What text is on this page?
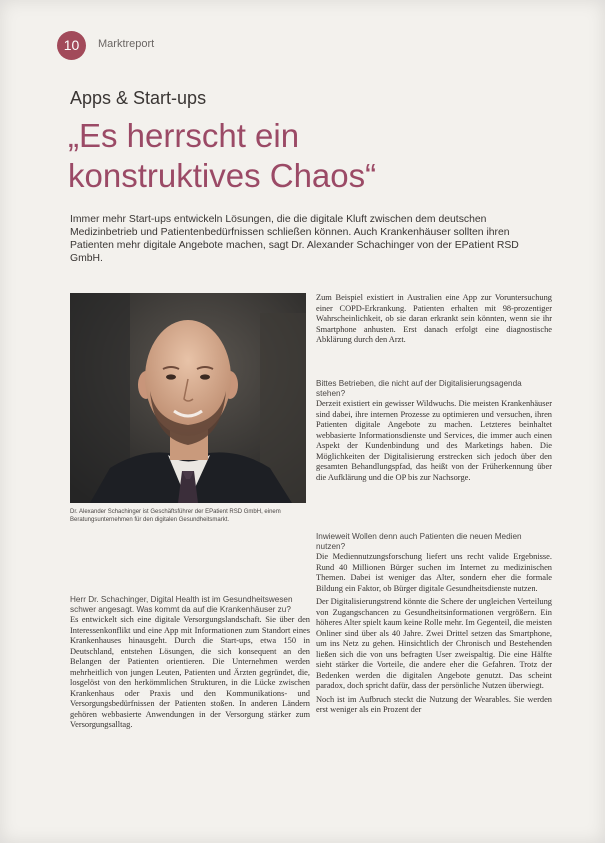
10	Marktreport
Apps & Start-ups
„Es herrscht ein konstruktives Chaos“

Immer mehr Start-ups entwickeln Lösungen, die die digitale Kluft zwischen dem deutschen Medizinbetrieb und Patientenbedürfnissen schließen können. Auch Krankenhäuser sollten ihren Patienten mehr digitale Angebote machen, sagt Dr. Alexander Schachinger von der EPatient RSD GmbH.

Dr. Alexander Schachinger ist Geschäftsführer der EPatient RSD GmbH, einem Beratungsunternehmen für den digitalen Gesundheitsmarkt.

Herr Dr. Schachinger, Digital Health ist im Gesundheitswesen schwer angesagt. Was kommt da auf die Krankenhäuser zu?

Es entwickelt sich eine digitale Versorgungslandschaft. Sie über den Interessenkonflikt und eine App mit Informationen zum Standort eines Krankenhauses hinausgeht. Durch die Start-ups, etwa 150 in Deutschland, entstehen Lösungen, die sich konsequent an den Belangen der Patienten orientieren. Die Unternehmen werden mehrheitlich von jungen Leuten, Patienten und Ärzten gegründet, die, losgelöst von den herkömmlichen Strukturen, in die Lücke zwischen Krankenhaus oder Praxis und den Kommunikations- und Versorgungsbedürfnissen der Patienten stoßen. In anderen Ländern gehören webbasierte Anwendungen in der Versorgung stärker zum Versorgungsalltag.

Zum Beispiel existiert in Australien eine App zur Voruntersuchung einer COPD-Erkrankung. Patienten erhalten mit 98-prozentiger Wahrscheinlichkeit, ob sie daran erkrankt sein könnten, wenn sie ihr Smartphone anhusten. Erst danach erfolgt eine diagnostische Abklärung durch den Arzt.

Bittes Betrieben, die nicht auf der Digitalisierungsagenda stehen?

Derzeit existiert ein gewisser Wildwuchs. Die meisten Krankenhäuser sind dabei, ihre internen Prozesse zu optimieren und versuchen, ihren Patienten digitale Angebote zu machen. Letzteres beinhaltet webbasierte Informationsdienste und Services, die immer auch einen Aspekt der Kundenbindung und des Marketings haben. Die Möglichkeiten der Digitalisierung erstrecken sich jedoch über den gesamten Behandlungspfad, das heißt von der Früherkennung über die Aufklärung und die OP bis zur Nachsorge.

Inwieweit Wollen denn auch Patienten die neuen Medien nutzen?

Die Mediennutzungsforschung liefert uns recht valide Ergebnisse. Rund 40 Millionen Bürger suchen im Internet zu medizinischen Themen. Dabei ist weniger das Alter, sondern eher die formale Bildung ein Faktor, ob Bürger digitale Gesundheitsdienste nutzen.

Der Digitalisierungstrend könnte die Schere der ungleichen Verteilung von Zugangschancen zu Gesundheitsinformationen vergrößern. Ein höheres Alter spielt kaum keine Rolle mehr. Im Gegenteil, die meisten Onliner sind über als 40 Jahre. Zwei Drittel setzen das Smartphone, um ins Netz zu gehen. Hinsichtlich der Chronisch und Bestehenden ließen sich die von uns befragten User zweispaltig. Die eine Hälfte sieht stärker die Vorteile, die andere eher die Gefahren. Trotz der Bedenken werden die digitalen Angebote genutzt. Das scheint paradox, doch spricht dafür, dass der persönliche Nutzen überwiegt.

Noch ist im Aufbruch steckt die Nutzung der Wearables. Sie werden erst weniger als ein Prozent der
